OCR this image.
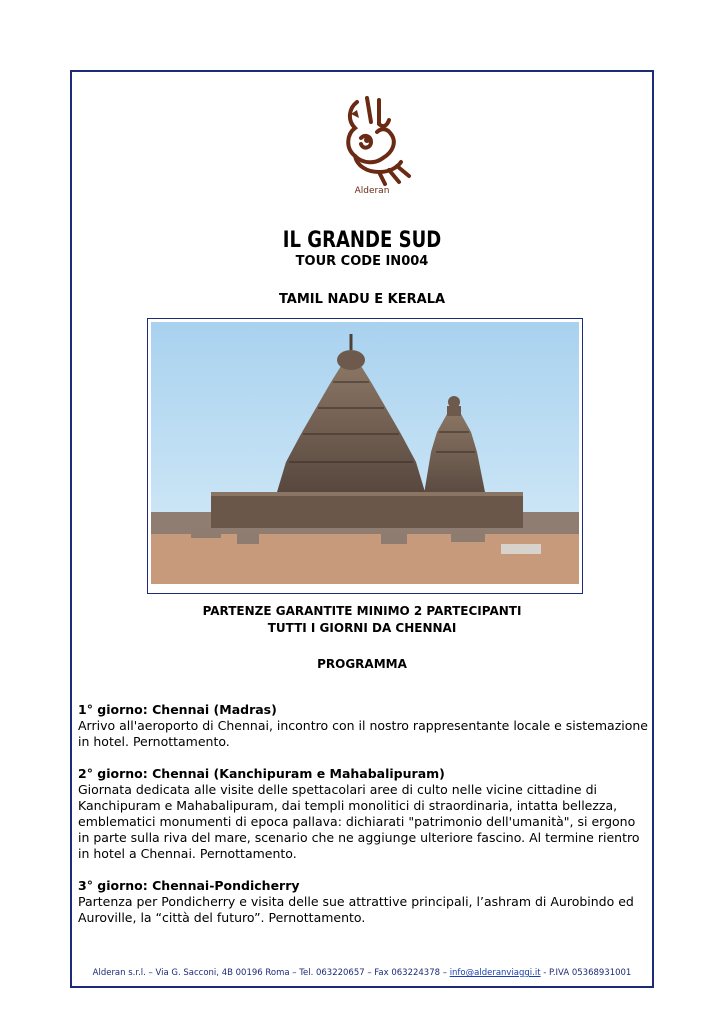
Alderan
IL GRANDE SUD
TOUR CODE IN004
TAMIL NADU E KERALA
PARTENZE GARANTITE MINIMO 2 PARTECIPANTI
TUTTI I GIORNI DA CHENNAI
PROGRAMMA
1° giorno: Chennai (Madras)
Arrivo all'aeroporto di Chennai, incontro con il nostro rappresentante locale e sistemazione in hotel. Pernottamento.
2° giorno: Chennai (Kanchipuram e Mahabalipuram)
Giornata dedicata alle visite delle spettacolari aree di culto nelle vicine cittadine di Kanchipuram e Mahabalipuram, dai templi monolitici di straordinaria, intatta bellezza, emblematici monumenti di epoca pallava: dichiarati "patrimonio dell'umanità", si ergono in parte sulla riva del mare, scenario che ne aggiunge ulteriore fascino. Al termine rientro in hotel a Chennai. Pernottamento.
3° giorno: Chennai-Pondicherry
Partenza per Pondicherry e visita delle sue attrattive principali, l’ashram di Aurobindo ed Auroville, la “città del futuro”. Pernottamento.
Alderan s.r.l. – Via G. Sacconi, 4B 00196 Roma – Tel. 063220657 – Fax 063224378 – info@alderanviaggi.it - P.IVA 05368931001
